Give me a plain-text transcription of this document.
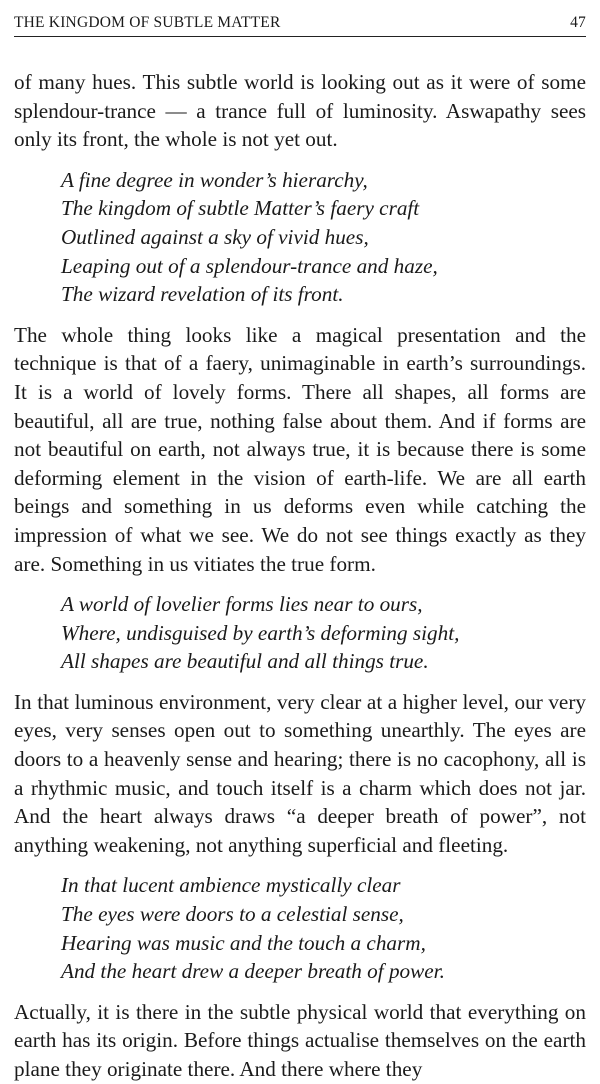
THE KINGDOM OF SUBTLE MATTER	47

of many hues. This subtle world is looking out as it were of some splendour-trance — a trance full of luminosity. Aswapathy sees only its front, the whole is not yet out.

A fine degree in wonder’s hierarchy,
The kingdom of subtle Matter’s faery craft
Outlined against a sky of vivid hues,
Leaping out of a splendour-trance and haze,
The wizard revelation of its front.

The whole thing looks like a magical presentation and the technique is that of a faery, unimaginable in earth’s surroundings. It is a world of lovely forms. There all shapes, all forms are beautiful, all are true, nothing false about them. And if forms are not beautiful on earth, not always true, it is because there is some deforming element in the vision of earth-life. We are all earth beings and something in us deforms even while catching the impression of what we see. We do not see things exactly as they are. Something in us vitiates the true form.

A world of lovelier forms lies near to ours,
Where, undisguised by earth’s deforming sight,
All shapes are beautiful and all things true.

In that luminous environment, very clear at a higher level, our very eyes, very senses open out to something unearthly. The eyes are doors to a heavenly sense and hearing; there is no cacophony, all is a rhythmic music, and touch itself is a charm which does not jar. And the heart always draws “a deeper breath of power”, not anything weakening, not anything superficial and fleeting.

In that lucent ambience mystically clear
The eyes were doors to a celestial sense,
Hearing was music and the touch a charm,
And the heart drew a deeper breath of power.

Actually, it is there in the subtle physical world that everything on earth has its origin. Before things actualise themselves on the earth plane they originate there. And there where they
